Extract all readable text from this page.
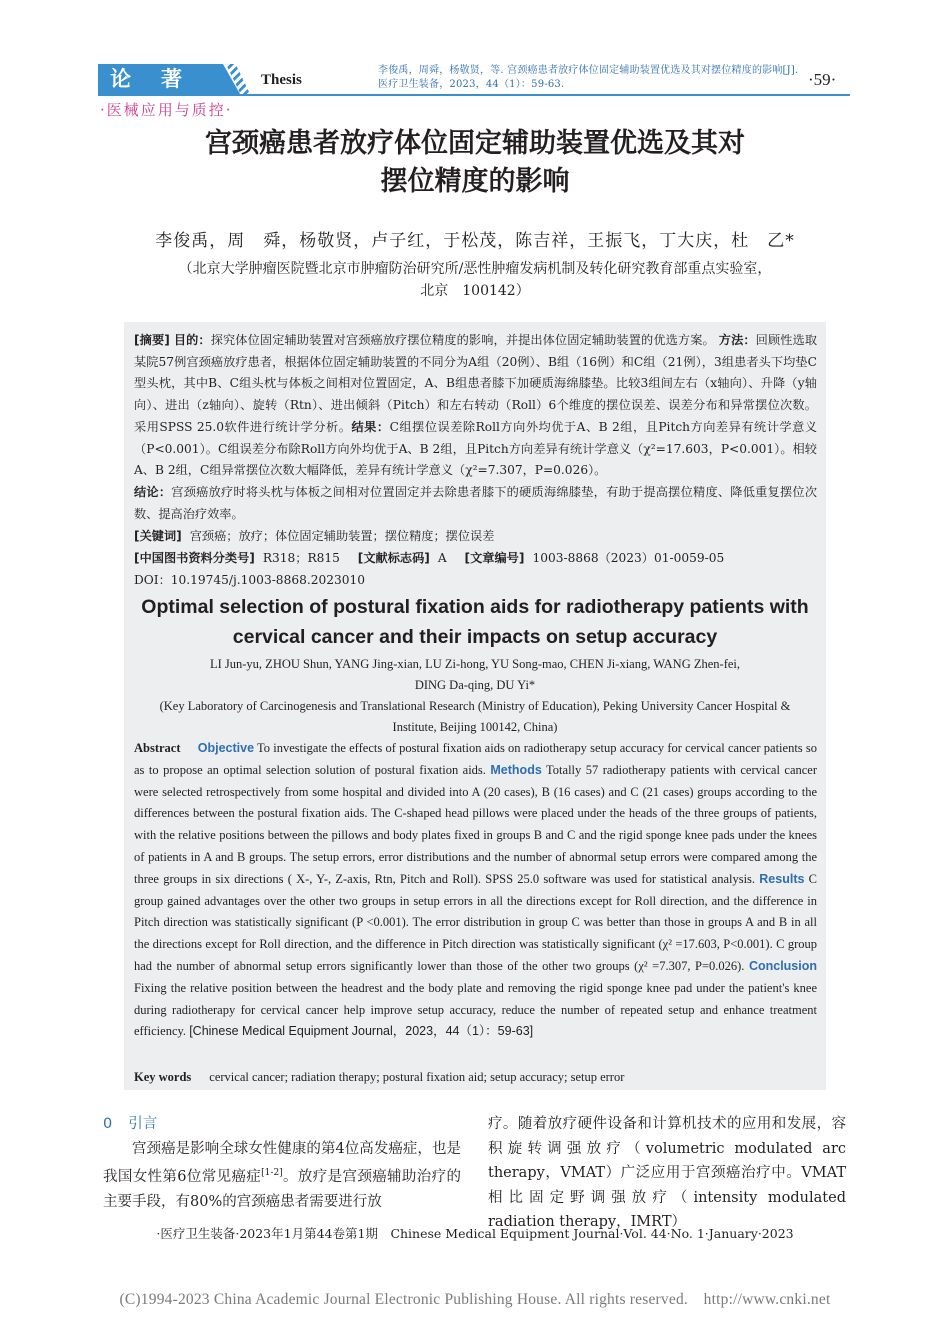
论著	Thesis
李俊禹，周舜，杨敬贤，等. 宫颈癌患者放疗体位固定辅助装置优选及其对摆位精度的影响[J].
医疗卫生装备，2023，44（1）：59-63.	·59·
·医械应用与质控·
宫颈癌患者放疗体位固定辅助装置优选及其对
摆位精度的影响
李俊禹，周　舜，杨敬贤，卢子红，于松茂，陈吉祥，王振飞，丁大庆，杜　乙*
（北京大学肿瘤医院暨北京市肿瘤防治研究所/恶性肿瘤发病机制及转化研究教育部重点实验室，
北京　100142）
[摘要] 目的：探究体位固定辅助装置对宫颈癌放疗摆位精度的影响，并提出体位固定辅助装置的优选方案。 方法：回顾性选取某院57例宫颈癌放疗患者，根据体位固定辅助装置的不同分为A组（20例）、B组（16例）和C组（21例），3组患者头下均垫C型头枕，其中B、C组头枕与体板之间相对位置固定，A、B组患者膝下加硬质海绵膝垫。比较3组间左右（x轴向）、升降（y轴向）、进出（z轴向）、旋转（Rtn）、进出倾斜（Pitch）和左右转动（Roll）6个维度的摆位误差、误差分布和异常摆位次数。采用SPSS 25.0软件进行统计学分析。结果：C组摆位误差除Roll方向外均优于A、B 2组，且Pitch方向差异有统计学意义（P<0.001）。C组误差分布除Roll方向外均优于A、B 2组，且Pitch方向差异有统计学意义（χ²=17.603，P<0.001）。相较A、B 2组，C组异常摆位次数大幅降低，差异有统计学意义（χ²=7.307，P=0.026）。
结论：宫颈癌放疗时将头枕与体板之间相对位置固定并去除患者膝下的硬质海绵膝垫，有助于提高摆位精度、降低重复摆位次数、提高治疗效率。
[关键词] 宫颈癌；放疗；体位固定辅助装置；摆位精度；摆位误差
[中国图书资料分类号] R318；R815 [文献标志码] A [文章编号] 1003-8868（2023）01-0059-05
DOI：10.19745/j.1003-8868.2023010
Optimal selection of postural fixation aids for radiotherapy patients with
cervical cancer and their impacts on setup accuracy
LI Jun-yu, ZHOU Shun, YANG Jing-xian, LU Zi-hong, YU Song-mao, CHEN Ji-xiang, WANG Zhen-fei,
DING Da-qing, DU Yi*
(Key Laboratory of Carcinogenesis and Translational Research (Ministry of Education), Peking University Cancer Hospital &
Institute, Beijing 100142, China)
Abstract Objective To investigate the effects of postural fixation aids on radiotherapy setup accuracy for cervical cancer patients so as to propose an optimal selection solution of postural fixation aids. Methods Totally 57 radiotherapy patients with cervical cancer were selected retrospectively from some hospital and divided into A (20 cases), B (16 cases) and C (21 cases) groups according to the differences between the postural fixation aids. The C-shaped head pillows were placed under the heads of the three groups of patients, with the relative positions between the pillows and body plates fixed in groups B and C and the rigid sponge knee pads under the knees of patients in A and B groups. The setup errors, error distributions and the number of abnormal setup errors were compared among the three groups in six directions ( X-, Y-, Z-axis, Rtn, Pitch and Roll). SPSS 25.0 software was used for statistical analysis. Results C group gained advantages over the other two groups in setup errors in all the directions except for Roll direction, and the difference in Pitch direction was statistically significant (P <0.001). The error distribution in group C was better than those in groups A and B in all the directions except for Roll direction, and the difference in Pitch direction was statistically significant (χ² =17.603, P<0.001). C group had the number of abnormal setup errors significantly lower than those of the other two groups (χ² =7.307, P=0.026). Conclusion Fixing the relative position between the headrest and the body plate and removing the rigid sponge knee pad under the patient's knee during radiotherapy for cervical cancer help improve setup accuracy, reduce the number of repeated setup and enhance treatment efficiency. [Chinese Medical Equipment Journal，2023，44（1）：59-63]
Key words cervical cancer; radiation therapy; postural fixation aid; setup accuracy; setup error
0 引言
宫颈癌是影响全球女性健康的第4位高发癌症，也是我国女性第6位常见癌症[1-2]。放疗是宫颈癌辅助治疗的主要手段，有80%的宫颈癌患者需要进行放
疗。随着放疗硬件设备和计算机技术的应用和发展，容积旋转调强放疗（volumetric modulated arc therapy，VMAT）广泛应用于宫颈癌治疗中。VMAT相比固定野调强放疗（intensity modulated radiation therapy，IMRT）
·医疗卫生装备·2023年1月第44卷第1期　Chinese Medical Equipment Journal·Vol. 44·No. 1·January·2023
(C)1994-2023 China Academic Journal Electronic Publishing House. All rights reserved.　http://www.cnki.net
